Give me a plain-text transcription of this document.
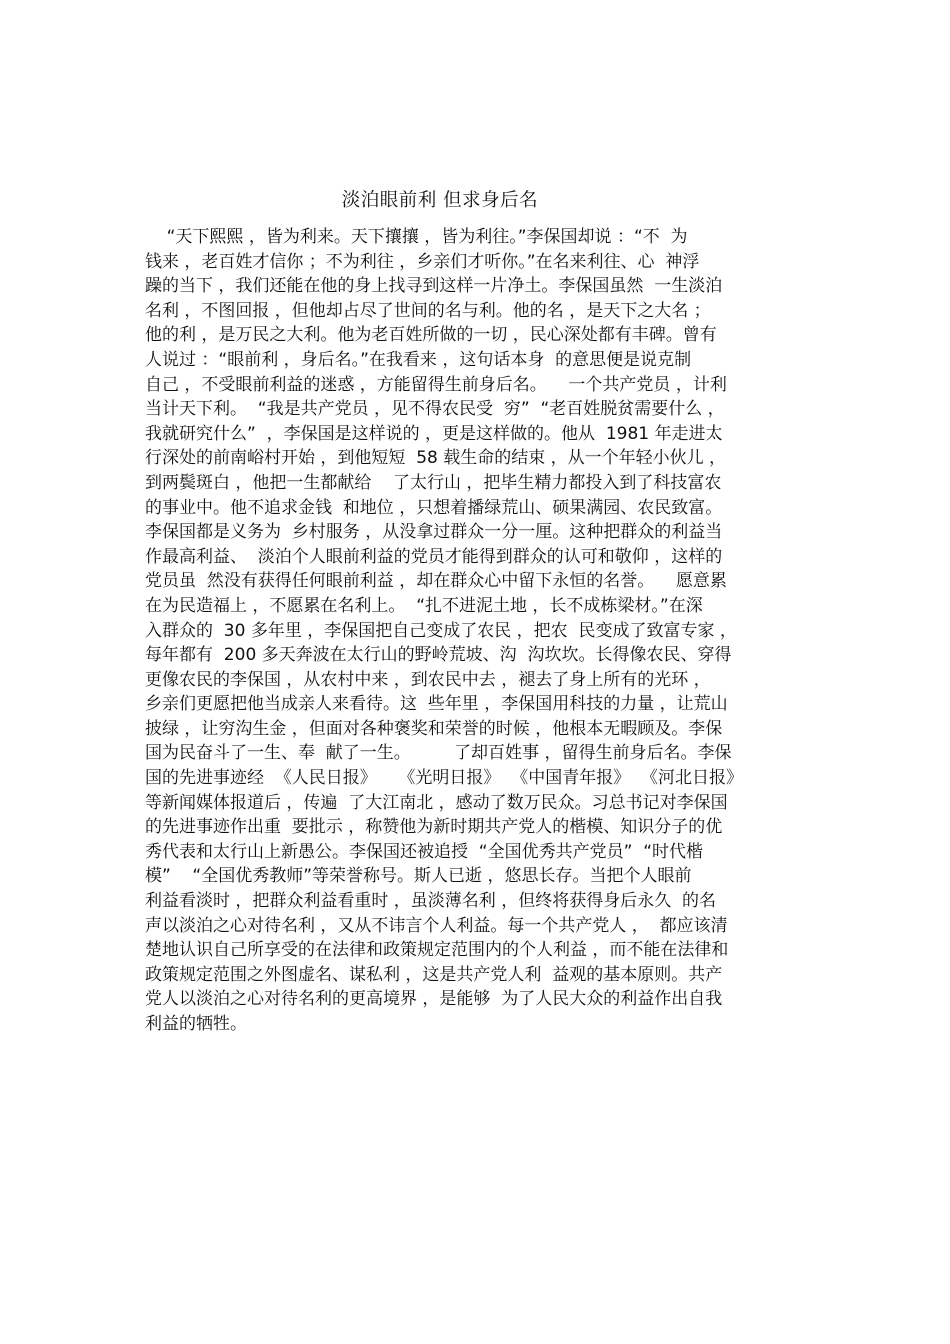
淡泊眼前利 但求身后名
“天下熙熙 ，皆为利来。天下攘攘 ，皆为利往。”李保国却说 ：“不  为
钱来 ，老百姓才信你 ；不为利往 ，乡亲们才听你。”在名来利往、心  神浮
躁的当下 ，我们还能在他的身上找寻到这样一片净土。李保国虽然  一生淡泊
名利 ，不图回报 ，但他却占尽了世间的名与利。他的名 ，是天下之大名 ；
他的利 ，是万民之大利。他为老百姓所做的一切 ，民心深处都有丰碑。曾有
人说过 ：“眼前利 ，身后名。”在我看来 ，这句话本身  的意思便是说克制
自己 ，不受眼前利益的迷惑 ，方能留得生前身后名。    一个共产党员 ，计利
当计天下利。  “我是共产党员 ，见不得农民受  穷”  “老百姓脱贫需要什么 ，
我就研究什么”  ，李保国是这样说的 ，更是这样做的。他从  1981 年走进太
行深处的前南峪村开始 ，到他短短  58 载生命的结束 ，从一个年轻小伙儿 ，
到两鬓斑白 ，他把一生都献给    了太行山 ，把毕生精力都投入到了科技富农
的事业中。他不追求金钱  和地位 ，只想着播绿荒山、硕果满园、农民致富。
李保国都是义务为  乡村服务 ，从没拿过群众一分一厘。这种把群众的利益当
作最高利益、  淡泊个人眼前利益的党员才能得到群众的认可和敬仰 ，这样的
党员虽  然没有获得任何眼前利益 ，却在群众心中留下永恒的名誉。    愿意累
在为民造福上 ，不愿累在名利上。  “扎不进泥土地 ，长不成栋梁材。”在深
入群众的  30 多年里 ，李保国把自己变成了农民 ，把农  民变成了致富专家 ，
每年都有  200 多天奔波在太行山的野岭荒坡、沟  沟坎坎。长得像农民、穿得
更像农民的李保国 ，从农村中来 ，到农民中去 ，褪去了身上所有的光环 ，
乡亲们更愿把他当成亲人来看待。这  些年里 ，李保国用科技的力量 ，让荒山
披绿 ，让穷沟生金 ，但面对各种褒奖和荣誉的时候 ，他根本无暇顾及。李保
国为民奋斗了一生、奉  献了一生。        了却百姓事 ，留得生前身后名。李保
国的先进事迹经  《人民日报》    《光明日报》  《中国青年报》  《河北日报》
等新闻媒体报道后 ，传遍  了大江南北 ，感动了数万民众。习总书记对李保国
的先进事迹作出重  要批示 ，称赞他为新时期共产党人的楷模、知识分子的优
秀代表和太行山上新愚公。李保国还被追授  “全国优秀共产党员”  “时代楷
模”    “全国优秀教师”等荣誉称号。斯人已逝 ，悠思长存。当把个人眼前
利益看淡时 ，把群众利益看重时 ，虽淡薄名利 ，但终将获得身后永久  的名
声以淡泊之心对待名利 ，又从不讳言个人利益。每一个共产党人 ，  都应该清
楚地认识自己所享受的在法律和政策规定范围内的个人利益 ，而不能在法律和
政策规定范围之外图虚名、谋私利 ，这是共产党人利  益观的基本原则。共产
党人以淡泊之心对待名利的更高境界 ，是能够  为了人民大众的利益作出自我
利益的牺牲。
